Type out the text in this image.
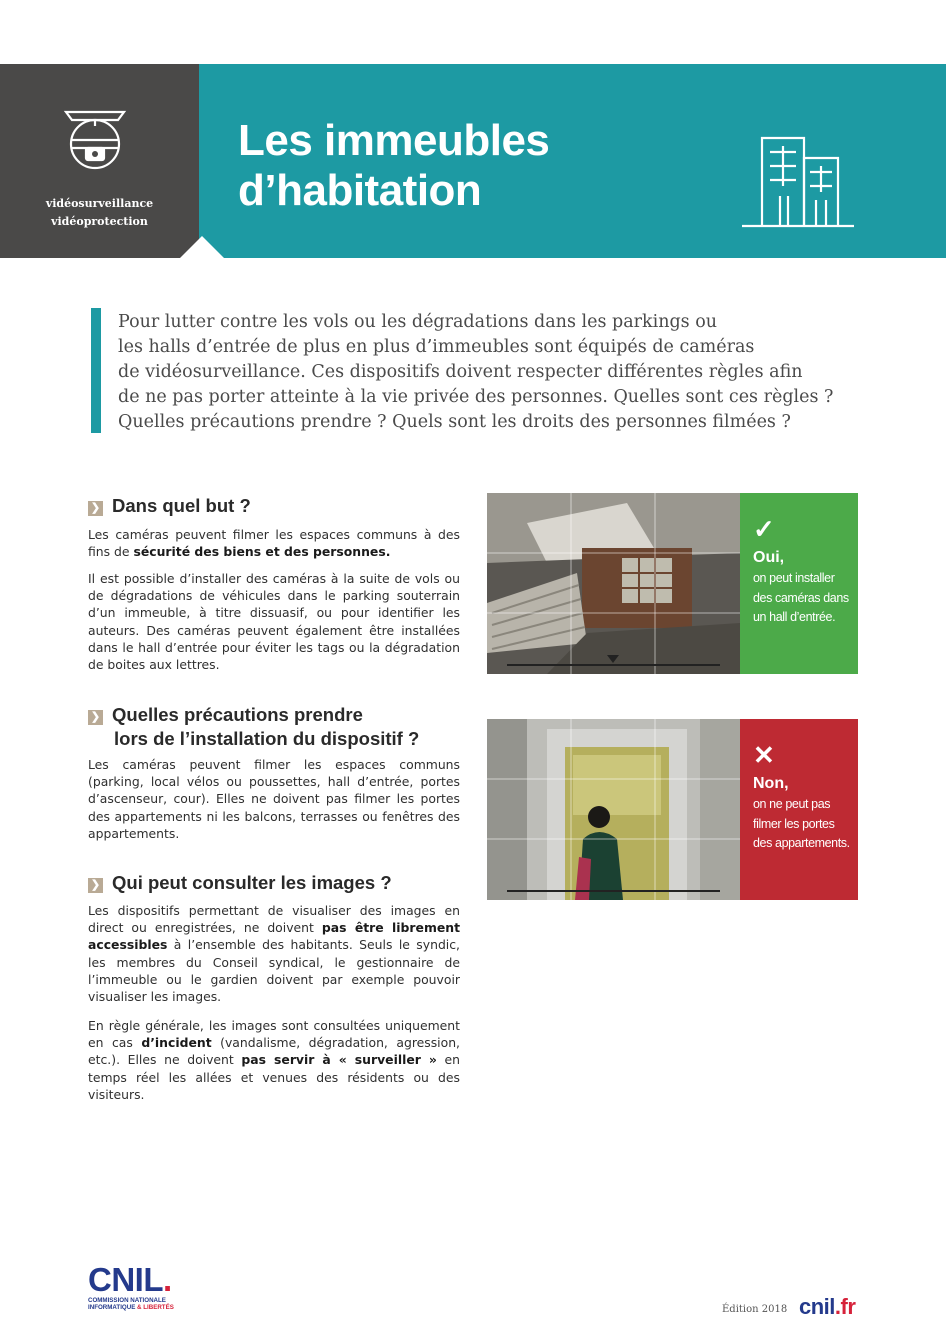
vidéosurveillance
vidéoprotection
Les immeubles
d’habitation
Pour lutter contre les vols ou les dégradations dans les parkings ou
les halls d’entrée de plus en plus d’immeubles sont équipés de caméras
de vidéosurveillance. Ces dispositifs doivent respecter différentes règles afin
de ne pas porter atteinte à la vie privée des personnes. Quelles sont ces règles ?
Quelles précautions prendre ? Quels sont les droits des personnes filmées ?
❯ Dans quel but ?
Les caméras peuvent filmer les espaces communs à des fins de sécurité des biens et des personnes.
Il est possible d’installer des caméras à la suite de vols ou de dégradations de véhicules dans le parking souterrain d’un immeuble, à titre dissuasif, ou pour identifier les auteurs. Des caméras peuvent également être installées dans le hall d’entrée pour éviter les tags ou la dégradation de boites aux lettres.
❯ Quelles précautions prendre
lors de l’installation du dispositif ?
Les caméras peuvent filmer les espaces communs (parking, local vélos ou poussettes, hall d’entrée, portes d’ascenseur, cour). Elles ne doivent pas filmer les portes des appartements ni les balcons, terrasses ou fenêtres des appartements.
❯ Qui peut consulter les images ?
Les dispositifs permettant de visualiser des images en direct ou enregistrées, ne doivent pas être librement accessibles à l’ensemble des habitants. Seuls le syndic, les membres du Conseil syndical, le gestionnaire de l’immeuble ou le gardien doivent par exemple pouvoir visualiser les images.
En règle générale, les images sont consultées uniquement en cas d’incident (vandalisme, dégradation, agression, etc.). Elles ne doivent pas servir à « surveiller » en temps réel les allées et venues des résidents ou des visiteurs.
✓
Oui,
on peut installer
des caméras dans
un hall d’entrée.
✕
Non,
on ne peut pas
filmer les portes
des appartements.
CNIL.
COMMISSION NATIONALE
INFORMATIQUE & LIBERTÉS	Édition 2018 cnil.fr
